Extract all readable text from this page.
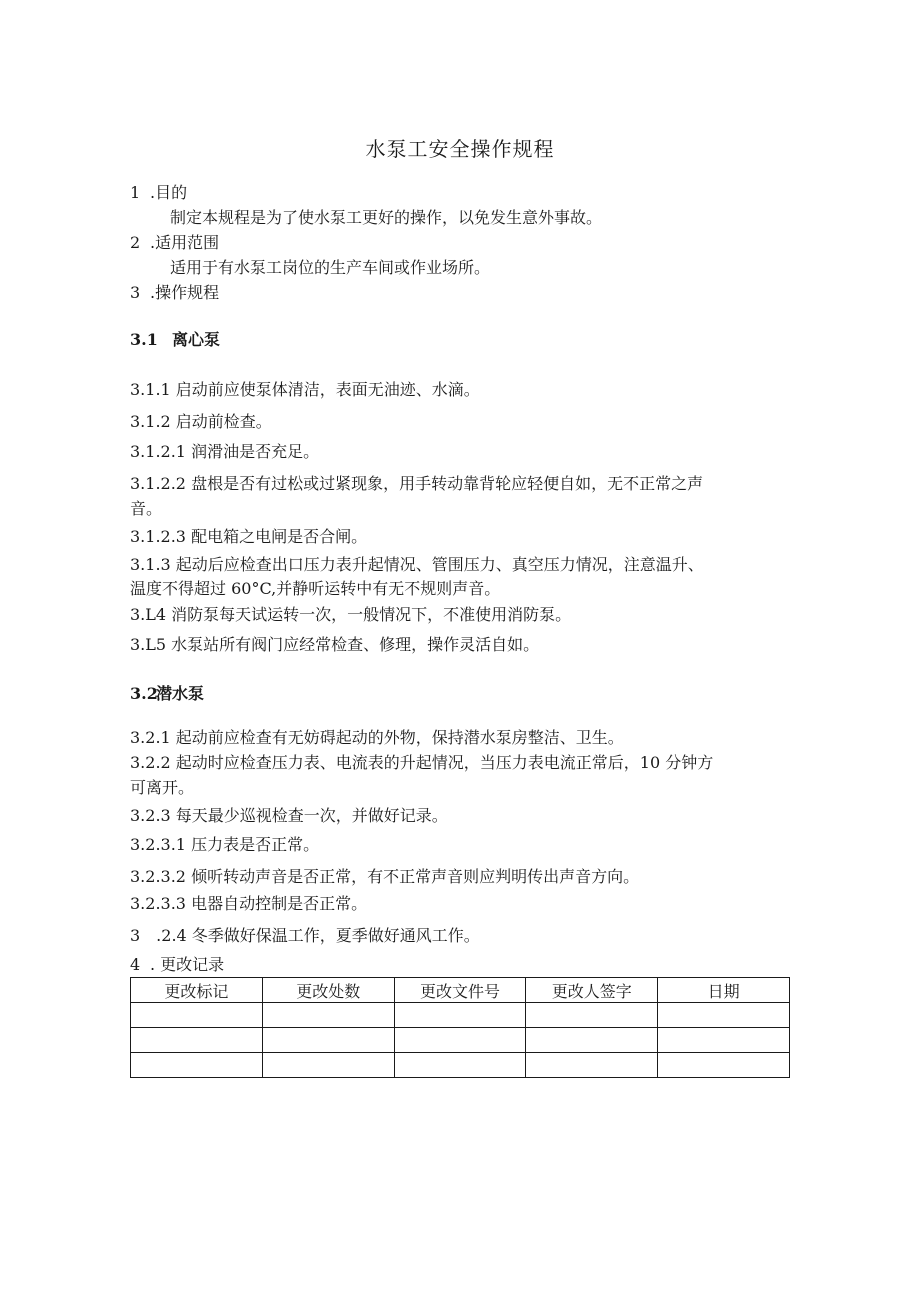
水泵工安全操作规程
1 .目的
制定本规程是为了使水泵工更好的操作，以免发生意外事故。
2 .适用范围
适用于有水泵工岗位的生产车间或作业场所。
3 .操作规程
3.1 离心泵
3.1.1 启动前应使泵体清洁，表面无油迹、水滴。
3.1.2 启动前检查。
3.1.2.1 润滑油是否充足。
3.1.2.2 盘根是否有过松或过紧现象，用手转动靠背轮应轻便自如，无不正常之声
音。
3.1.2.3 配电箱之电闸是否合闸。
3.1.3 起动后应检查出口压力表升起情况、管围压力、真空压力情况，注意温升、
温度不得超过 60°C,并静听运转中有无不规则声音。
3.L4 消防泵每天试运转一次，一般情况下，不准使用消防泵。
3.L5 水泵站所有阀门应经常检查、修理，操作灵活自如。
3.2潜水泵
3.2.1 起动前应检查有无妨碍起动的外物，保持潜水泵房整洁、卫生。
3.2.2 起动时应检查压力表、电流表的升起情况，当压力表电流正常后，10 分钟方
可离开。
3.2.3 每天最少巡视检查一次，并做好记录。
3.2.3.1 压力表是否正常。
3.2.3.2 倾听转动声音是否正常，有不正常声音则应判明传出声音方向。
3.2.3.3 电器自动控制是否正常。
3　.2.4 冬季做好保温工作，夏季做好通风工作。
4 . 更改记录
更改标记	更改处数	更改文件号	更改人签字	日期
